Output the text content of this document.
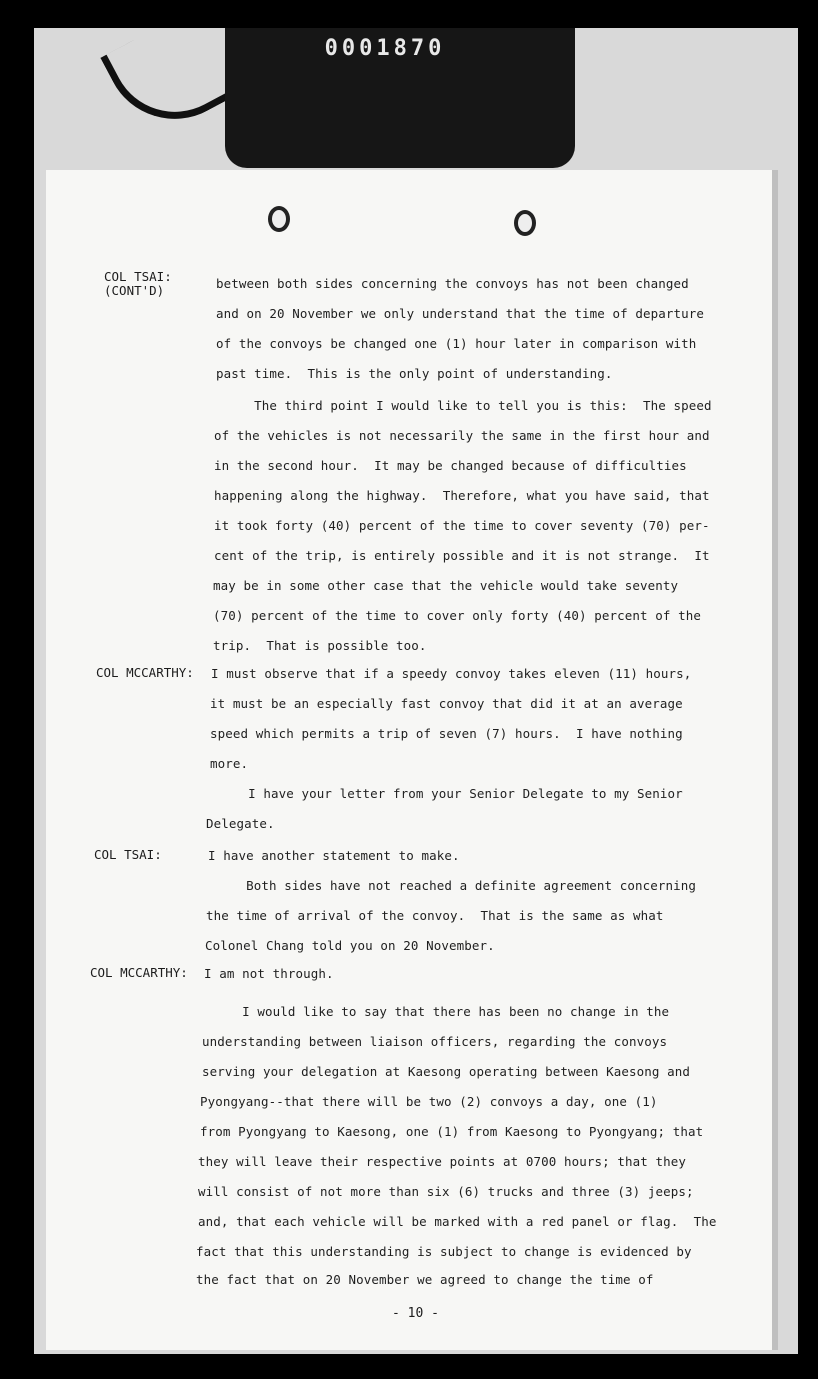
0001870
COL TSAI:
(CONT'D)	between both sides concerning the convoys has not been changed
and on 20 November we only understand that the time of departure
of the convoys be changed one (1) hour later in comparison with
past time.  This is the only point of understanding.
The third point I would like to tell you is this:  The speed
of the vehicles is not necessarily the same in the first hour and
in the second hour.  It may be changed because of difficulties
happening along the highway.  Therefore, what you have said, that
it took forty (40) percent of the time to cover seventy (70) per-
cent of the trip, is entirely possible and it is not strange.  It
may be in some other case that the vehicle would take seventy
(70) percent of the time to cover only forty (40) percent of the
trip.  That is possible too.
COL MCCARTHY: I must observe that if a speedy convoy takes eleven (11) hours,
it must be an especially fast convoy that did it at an average
speed which permits a trip of seven (7) hours.  I have nothing
more.
I have your letter from your Senior Delegate to my Senior
Delegate.
COL TSAI:	I have another statement to make.
Both sides have not reached a definite agreement concerning
the time of arrival of the convoy.  That is the same as what
Colonel Chang told you on 20 November.
COL MCCARTHY: I am not through.
I would like to say that there has been no change in the
understanding between liaison officers, regarding the convoys
serving your delegation at Kaesong operating between Kaesong and
Pyongyang--that there will be two (2) convoys a day, one (1)
from Pyongyang to Kaesong, one (1) from Kaesong to Pyongyang; that
they will leave their respective points at 0700 hours; that they
will consist of not more than six (6) trucks and three (3) jeeps;
and, that each vehicle will be marked with a red panel or flag.  The
fact that this understanding is subject to change is evidenced by
the fact that on 20 November we agreed to change the time of
- 10 -
